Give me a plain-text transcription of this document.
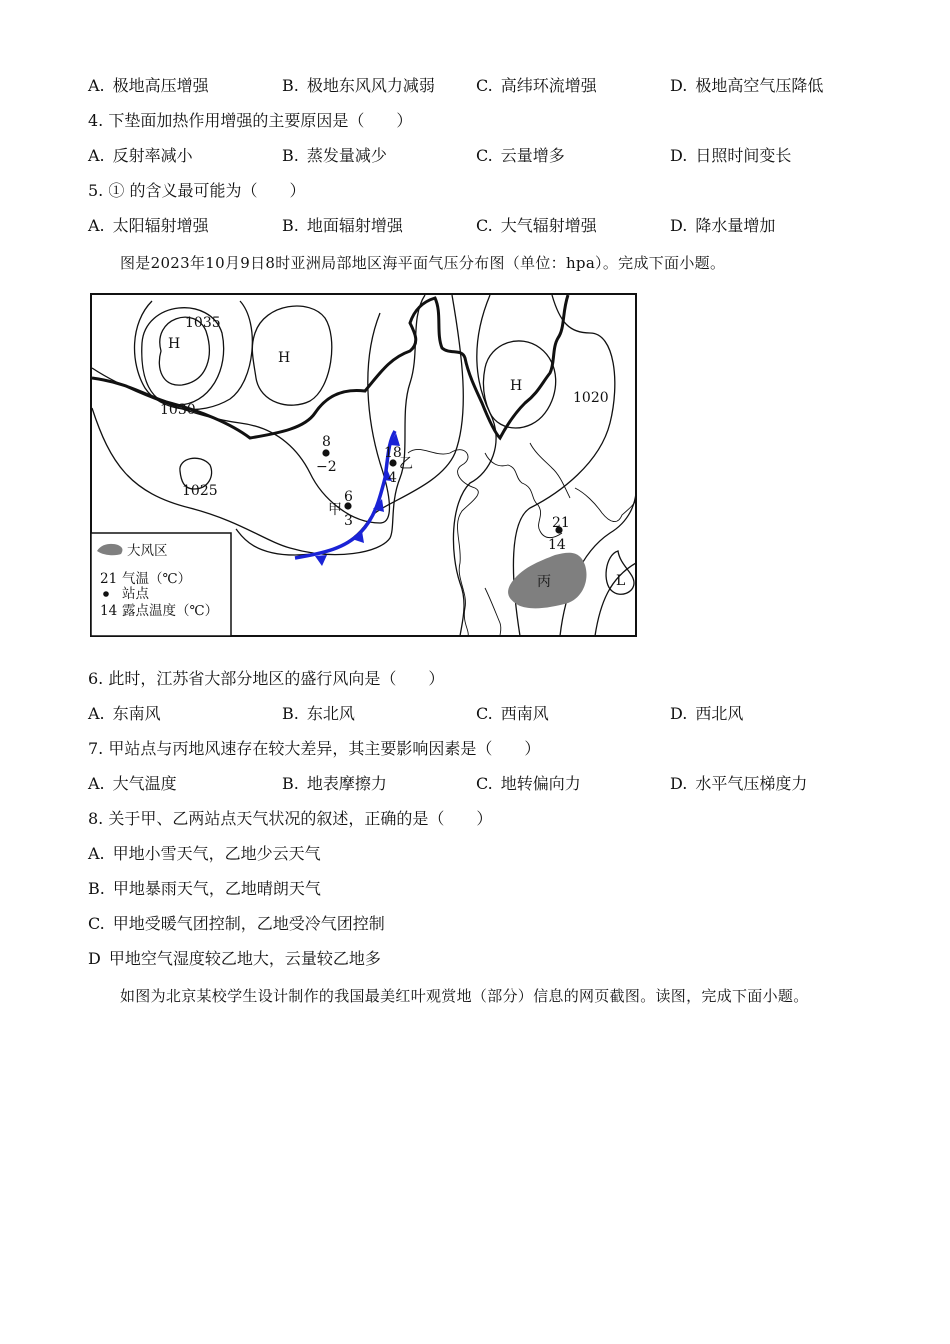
A. 极地高压增强	B. 极地东风风力减弱	C. 高纬环流增强	D. 极地高空气压降低
4. 下垫面加热作用增强的主要原因是（　　）
A. 反射率减小	B. 蒸发量减少	C. 云量增多	D. 日照时间变长
5. ① 的含义最可能为（　　）
A. 太阳辐射增强	B. 地面辐射增强	C. 大气辐射增强	D. 降水量增加
图是2023年10月9日8时亚洲局部地区海平面气压分布图（单位：hpa）。完成下面小题。
丙
1035
1030
1025
1020
H
H
H
L
8
−2
18
乙
4
6
甲
3	21
14
大风区
21 气温（℃）
站点
14 露点温度（℃）
6. 此时，江苏省大部分地区的盛行风向是（　　）
A. 东南风	B. 东北风	C. 西南风	D. 西北风
7. 甲站点与丙地风速存在较大差异，其主要影响因素是（　　）
A. 大气温度	B. 地表摩擦力	C. 地转偏向力	D. 水平气压梯度力
8. 关于甲、乙两站点天气状况的叙述，正确的是（　　）
A. 甲地小雪天气，乙地少云天气
B. 甲地暴雨天气，乙地晴朗天气
C. 甲地受暖气团控制，乙地受冷气团控制
D 甲地空气湿度较乙地大，云量较乙地多
如图为北京某校学生设计制作的我国最美红叶观赏地（部分）信息的网页截图。读图，完成下面小题。
